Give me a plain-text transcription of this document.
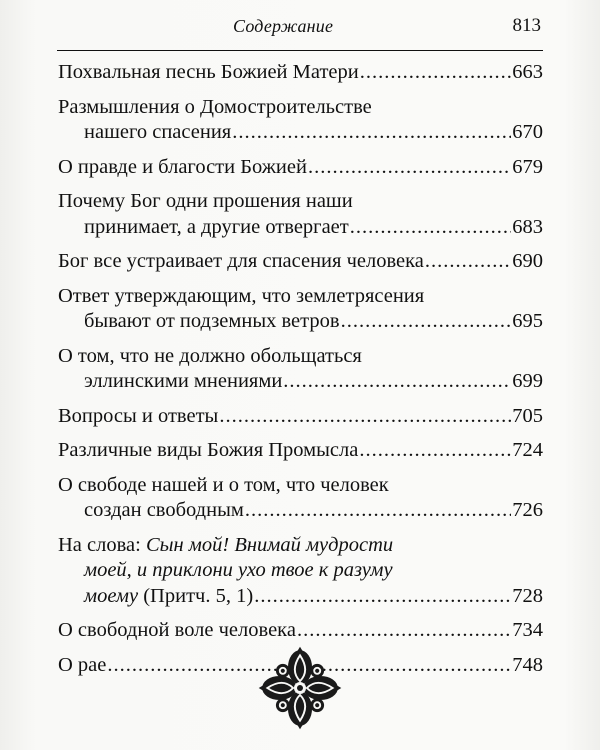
Содержание	813
Похвальная песнь Божией Матери .....	663
Размышления о Домостроительстве
нашего спасения .....	670
О правде и благости Божией .....	679
Почему Бог одни прошения наши
принимает, а другие отвергает .....	683
Бог все устраивает для спасения человека .....	690
Ответ утверждающим, что землетрясения
бывают от подземных ветров .....	695
О том, что не должно обольщаться
эллинскими мнениями .....	699
Вопросы и ответы .....	705
Различные виды Божия Промысла .....	724
О свободе нашей и о том, что человек
создан свободным .....	726
На слова: Сын мой! Внимай мудрости
моей, и приклони ухо твое к разуму
моему (Притч. 5, 1) .....	728
О свободной воле человека .....	734
О рае .....	748
